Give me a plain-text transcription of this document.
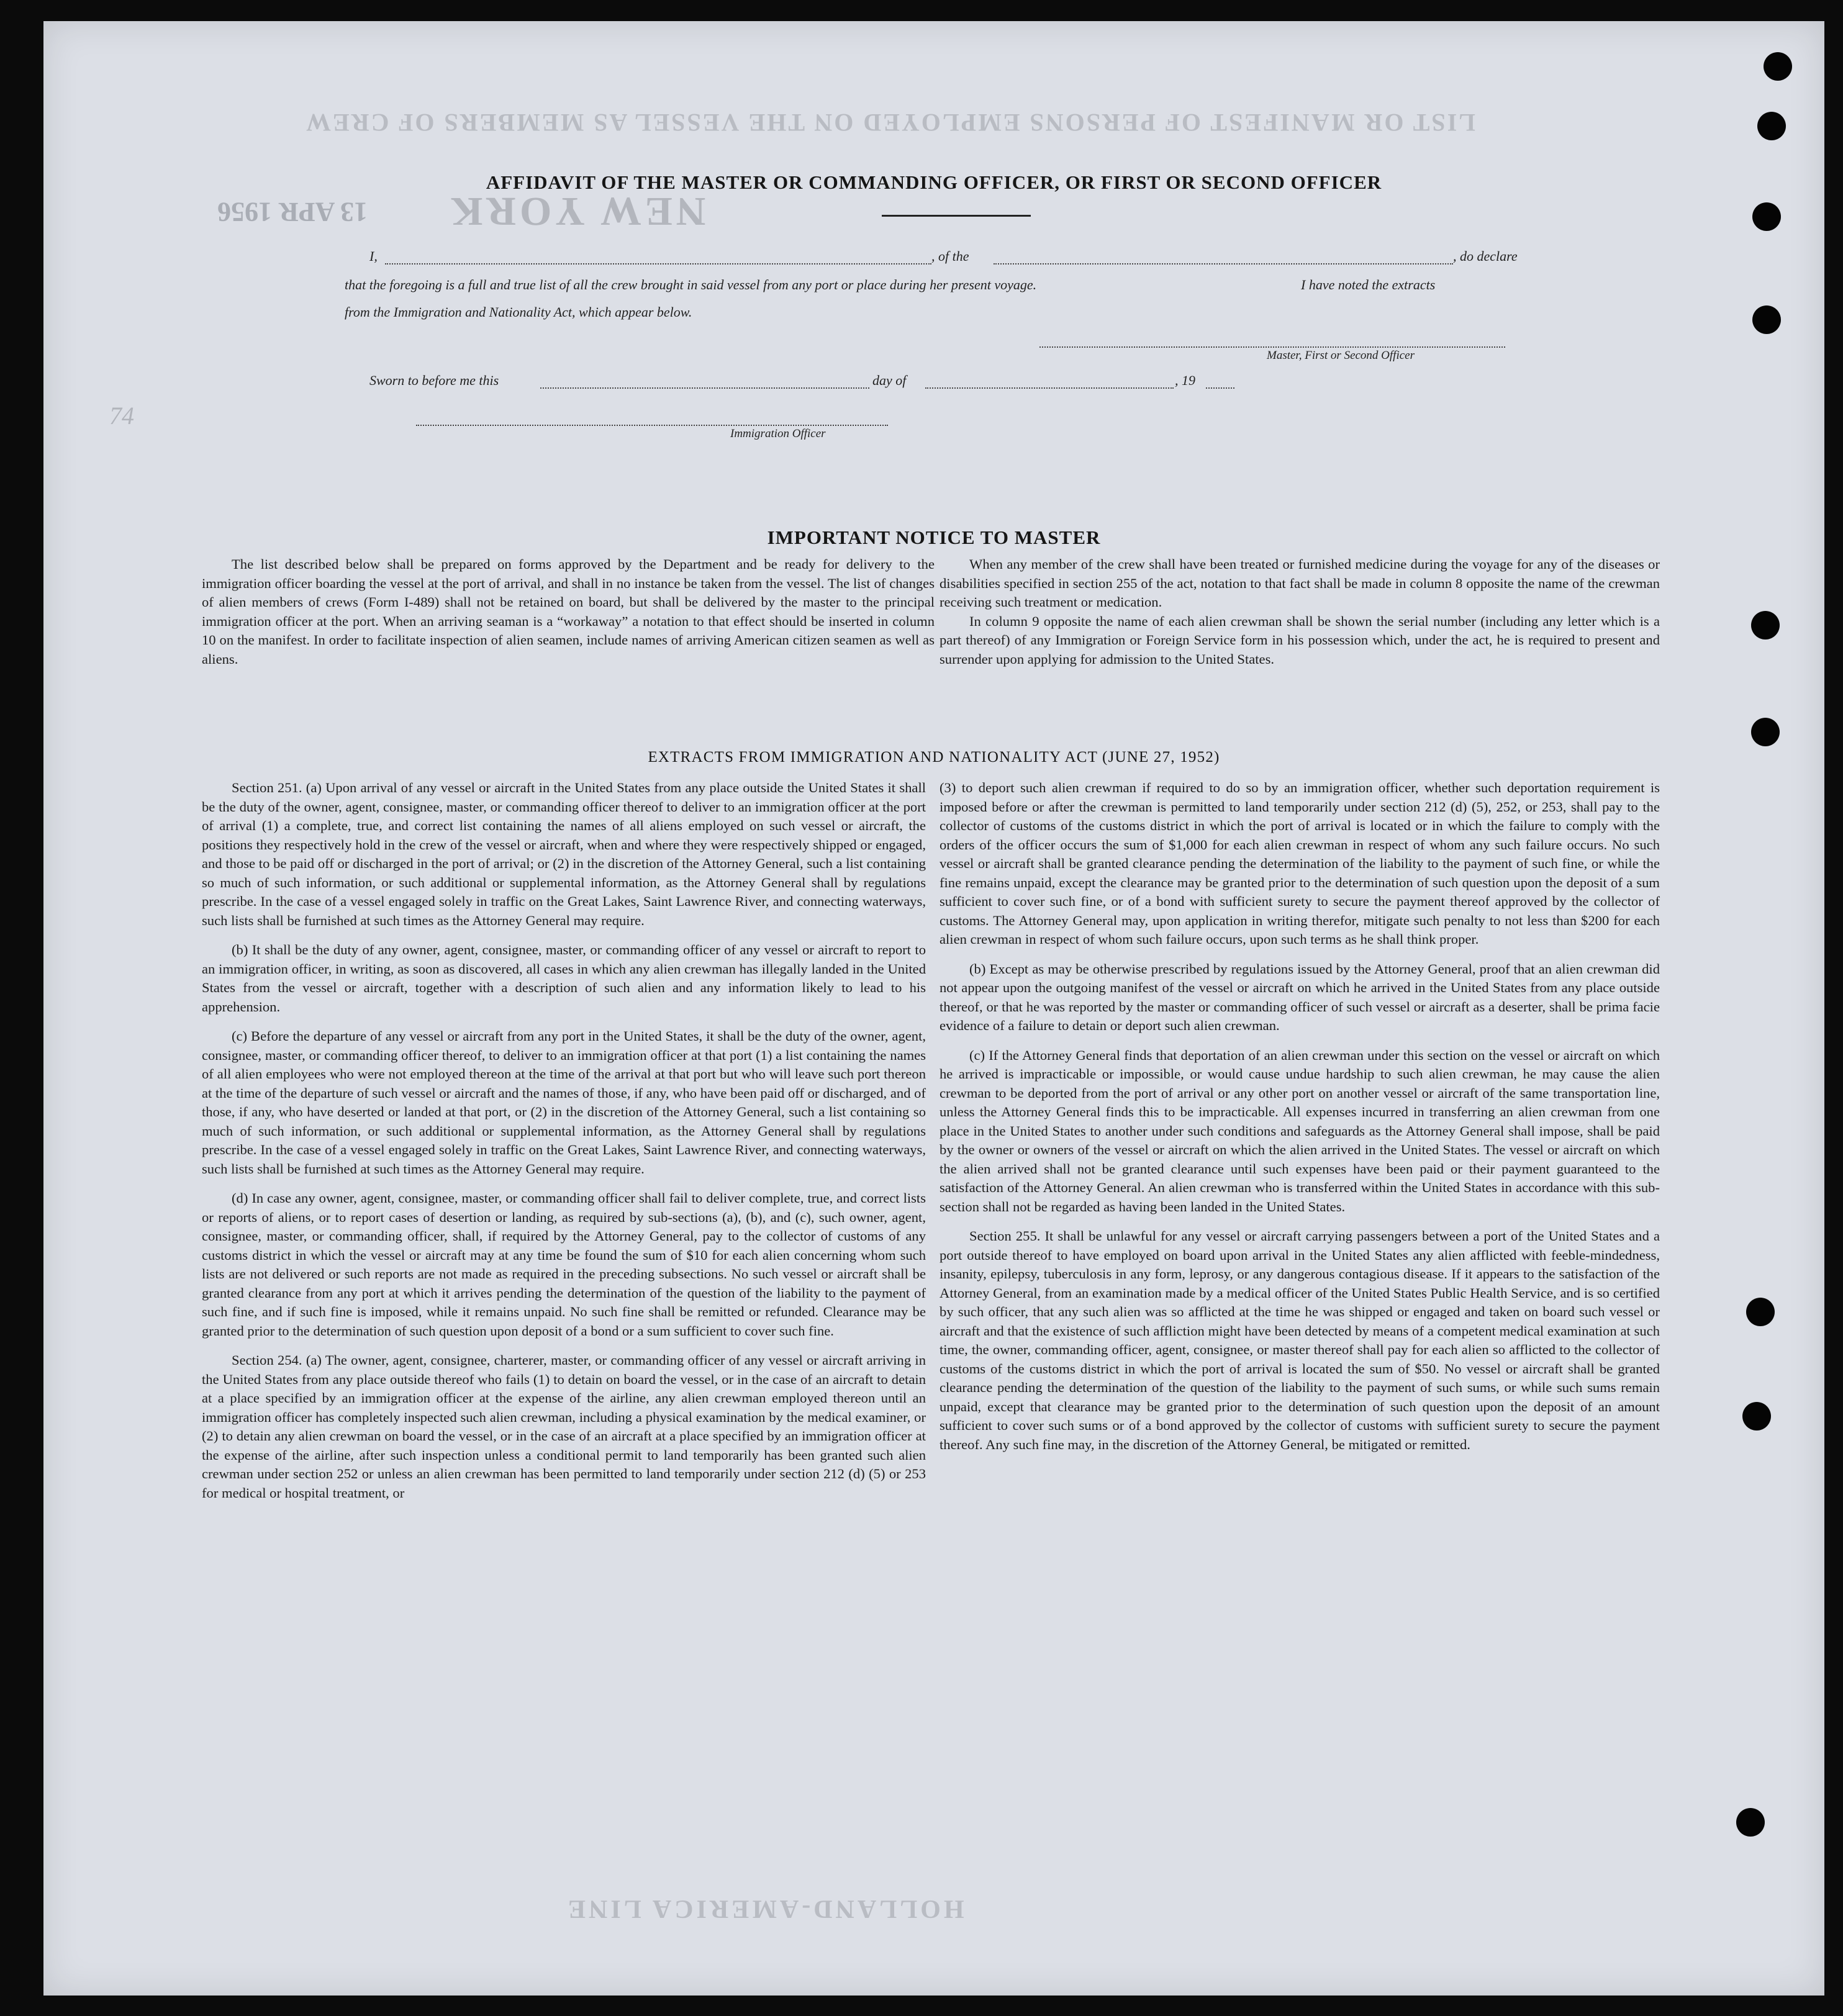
LIST OR MANIFEST OF PERSONS EMPLOYED ON THE VESSEL AS MEMBERS OF CREW
NEW YORK
13 APR 1956
HOLLAND-AMERICA LINE
74
AFFIDAVIT OF THE MASTER OR COMMANDING OFFICER, OR FIRST OR SECOND OFFICER
I,	, of the	, do declare
that the foregoing is a full and true list of all the crew brought in said vessel from any port or place during her present voyage.	I have noted the extracts
from the Immigration and Nationality Act, which appear below.
Master, First or Second Officer
Sworn to before me this	day of	, 19
Immigration Officer
IMPORTANT NOTICE TO MASTER

The list described below shall be prepared on forms approved by the Department and be ready for delivery to the immigration officer boarding the vessel at the port of arrival, and shall in no instance be taken from the vessel. The list of changes of alien members of crews (Form I-489) shall not be retained on board, but shall be delivered by the master to the principal immigration officer at the port. When an arriving seaman is a “workaway” a notation to that effect should be inserted in column 10 on the manifest. In order to facilitate inspection of alien seamen, include names of arriving American citizen seamen as well as aliens.

When any member of the crew shall have been treated or furnished medicine during the voyage for any of the diseases or disabilities specified in section 255 of the act, notation to that fact shall be made in column 8 opposite the name of the crewman receiving such treatment or medication.

In column 9 opposite the name of each alien crewman shall be shown the serial number (including any letter which is a part thereof) of any Immigration or Foreign Service form in his possession which, under the act, he is required to present and surrender upon applying for admission to the United States.

EXTRACTS FROM IMMIGRATION AND NATIONALITY ACT (JUNE 27, 1952)

Section 251. (a) Upon arrival of any vessel or aircraft in the United States from any place outside the United States it shall be the duty of the owner, agent, consignee, master, or commanding officer thereof to deliver to an immigration officer at the port of arrival (1) a complete, true, and correct list containing the names of all aliens employed on such vessel or aircraft, the positions they respectively hold in the crew of the vessel or aircraft, when and where they were respectively shipped or engaged, and those to be paid off or discharged in the port of arrival; or (2) in the discretion of the Attorney General, such a list containing so much of such information, or such additional or supplemental information, as the Attorney General shall by regulations prescribe. In the case of a vessel engaged solely in traffic on the Great Lakes, Saint Lawrence River, and connecting waterways, such lists shall be furnished at such times as the Attorney General may require.

(b) It shall be the duty of any owner, agent, consignee, master, or commanding officer of any vessel or aircraft to report to an immigration officer, in writing, as soon as discovered, all cases in which any alien crewman has illegally landed in the United States from the vessel or aircraft, together with a description of such alien and any information likely to lead to his apprehension.

(c) Before the departure of any vessel or aircraft from any port in the United States, it shall be the duty of the owner, agent, consignee, master, or commanding officer thereof, to deliver to an immigration officer at that port (1) a list containing the names of all alien employees who were not employed thereon at the time of the arrival at that port but who will leave such port thereon at the time of the departure of such vessel or aircraft and the names of those, if any, who have been paid off or discharged, and of those, if any, who have deserted or landed at that port, or (2) in the discretion of the Attorney General, such a list containing so much of such information, or such additional or supplemental information, as the Attorney General shall by regulations prescribe. In the case of a vessel engaged solely in traffic on the Great Lakes, Saint Lawrence River, and connecting waterways, such lists shall be furnished at such times as the Attorney General may require.

(d) In case any owner, agent, consignee, master, or commanding officer shall fail to deliver complete, true, and correct lists or reports of aliens, or to report cases of desertion or landing, as required by sub-sections (a), (b), and (c), such owner, agent, consignee, master, or commanding officer, shall, if required by the Attorney General, pay to the collector of customs of any customs district in which the vessel or aircraft may at any time be found the sum of $10 for each alien concerning whom such lists are not delivered or such reports are not made as required in the preceding subsections. No such vessel or aircraft shall be granted clearance from any port at which it arrives pending the determination of the question of the liability to the payment of such fine, and if such fine is imposed, while it remains unpaid. No such fine shall be remitted or refunded. Clearance may be granted prior to the determination of such question upon deposit of a bond or a sum sufficient to cover such fine.

Section 254. (a) The owner, agent, consignee, charterer, master, or commanding officer of any vessel or aircraft arriving in the United States from any place outside thereof who fails (1) to detain on board the vessel, or in the case of an aircraft to detain at a place specified by an immigration officer at the expense of the airline, any alien crewman employed thereon until an immigration officer has completely inspected such alien crewman, including a physical examination by the medical examiner, or (2) to detain any alien crewman on board the vessel, or in the case of an aircraft at a place specified by an immigration officer at the expense of the airline, after such inspection unless a conditional permit to land temporarily has been granted such alien crewman under section 252 or unless an alien crewman has been permitted to land temporarily under section 212 (d) (5) or 253 for medical or hospital treatment, or

(3) to deport such alien crewman if required to do so by an immigration officer, whether such deportation requirement is imposed before or after the crewman is permitted to land temporarily under section 212 (d) (5), 252, or 253, shall pay to the collector of customs of the customs district in which the port of arrival is located or in which the failure to comply with the orders of the officer occurs the sum of $1,000 for each alien crewman in respect of whom any such failure occurs. No such vessel or aircraft shall be granted clearance pending the determination of the liability to the payment of such fine, or while the fine remains unpaid, except the clearance may be granted prior to the determination of such question upon the deposit of a sum sufficient to cover such fine, or of a bond with sufficient surety to secure the payment thereof approved by the collector of customs. The Attorney General may, upon application in writing therefor, mitigate such penalty to not less than $200 for each alien crewman in respect of whom such failure occurs, upon such terms as he shall think proper.

(b) Except as may be otherwise prescribed by regulations issued by the Attorney General, proof that an alien crewman did not appear upon the outgoing manifest of the vessel or aircraft on which he arrived in the United States from any place outside thereof, or that he was reported by the master or commanding officer of such vessel or aircraft as a deserter, shall be prima facie evidence of a failure to detain or deport such alien crewman.

(c) If the Attorney General finds that deportation of an alien crewman under this section on the vessel or aircraft on which he arrived is impracticable or impossible, or would cause undue hardship to such alien crewman, he may cause the alien crewman to be deported from the port of arrival or any other port on another vessel or aircraft of the same transportation line, unless the Attorney General finds this to be impracticable. All expenses incurred in transferring an alien crewman from one place in the United States to another under such conditions and safeguards as the Attorney General shall impose, shall be paid by the owner or owners of the vessel or aircraft on which the alien arrived in the United States. The vessel or aircraft on which the alien arrived shall not be granted clearance until such expenses have been paid or their payment guaranteed to the satisfaction of the Attorney General. An alien crewman who is transferred within the United States in accordance with this sub-section shall not be regarded as having been landed in the United States.

Section 255. It shall be unlawful for any vessel or aircraft carrying passengers between a port of the United States and a port outside thereof to have employed on board upon arrival in the United States any alien afflicted with feeble-mindedness, insanity, epilepsy, tuberculosis in any form, leprosy, or any dangerous contagious disease. If it appears to the satisfaction of the Attorney General, from an examination made by a medical officer of the United States Public Health Service, and is so certified by such officer, that any such alien was so afflicted at the time he was shipped or engaged and taken on board such vessel or aircraft and that the existence of such affliction might have been detected by means of a competent medical examination at such time, the owner, commanding officer, agent, consignee, or master thereof shall pay for each alien so afflicted to the collector of customs of the customs district in which the port of arrival is located the sum of $50. No vessel or aircraft shall be granted clearance pending the determination of the question of the liability to the payment of such sums, or while such sums remain unpaid, except that clearance may be granted prior to the determination of such question upon the deposit of an amount sufficient to cover such sums or of a bond approved by the collector of customs with sufficient surety to secure the payment thereof. Any such fine may, in the discretion of the Attorney General, be mitigated or remitted.
